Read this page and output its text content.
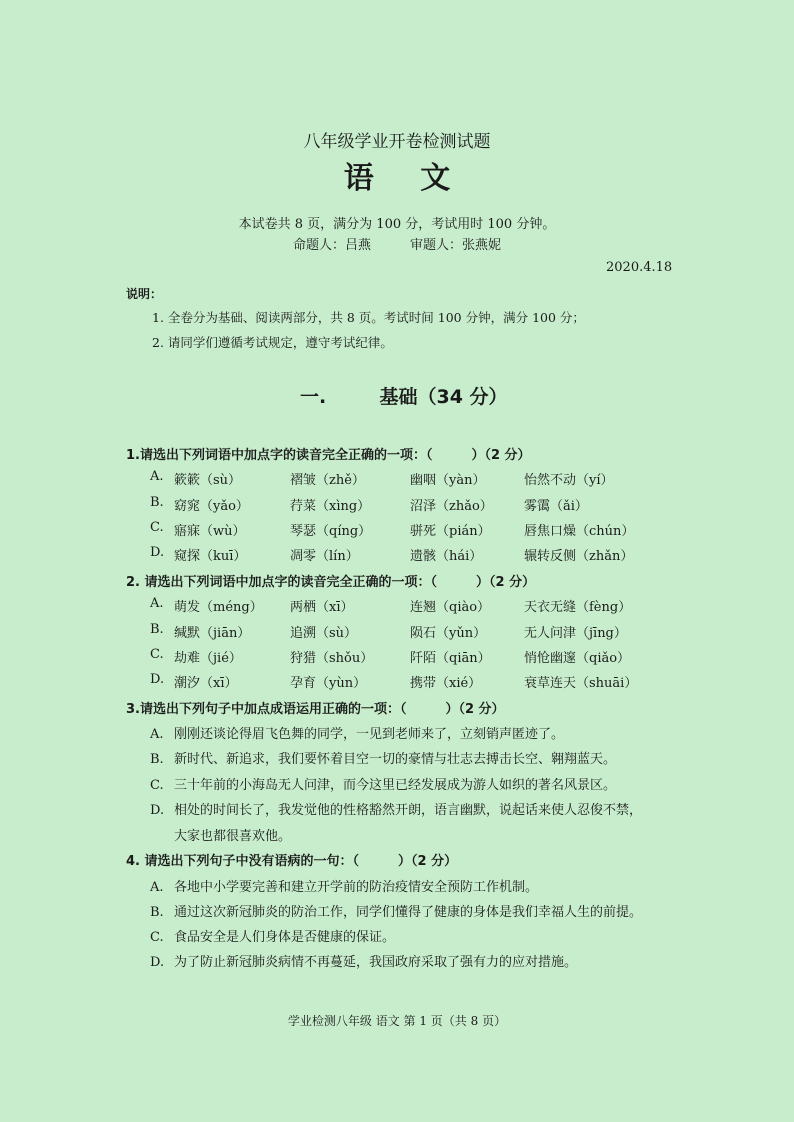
八年级学业开卷检测试题
语 文
本试卷共 8 页，满分为 100 分，考试用时 100 分钟。
命题人：吕燕　　　审题人：张燕妮
2020.4.18
说明：
1. 全卷分为基础、阅读两部分，共 8 页。考试时间 100 分钟，满分 100 分；
2. 请同学们遵循考试规定，遵守考试纪律。
一.	基础（34 分）
1.请选出下列词语中加点字的读音完全正确的一项：（　　　）（2 分）
A. 簌簌（sù）	褶皱（zhě）	幽咽（yàn）	怡然不动（yí）
B. 窈窕（yǎo）	荇菜（xìng）	沼泽（zhǎo） 雾霭（ǎi）
C. 寤寐（wù）	琴瑟（qíng）	骈死（pián）	唇焦口燥（chún）
D. 窥探（kuī）	凋零（lín）	遗骸（hái）	辗转反侧（zhǎn）
2. 请选出下列词语中加点字的读音完全正确的一项：（　　　）（2 分）
A. 萌发（méng） 两栖（xī）	连翘（qiào）	天衣无缝（fèng）
B. 缄默（jiān）	追溯（sù）	陨石（yǔn）	无人问津（jīng）
C. 劫难（jié）	狩猎（shǒu）	阡陌（qiān）	悄怆幽邃（qiǎo）
D. 潮汐（xī）	孕育（yùn）	携带（xié）	衰草连天（shuāi）
3.请选出下列句子中加点成语运用正确的一项：（　　　）（2 分）
A. 刚刚还谈论得眉飞色舞的同学，一见到老师来了，立刻销声匿迹了。
B. 新时代、新追求，我们要怀着目空一切的豪情与壮志去搏击长空、翱翔蓝天。
C. 三十年前的小海岛无人问津，而今这里已经发展成为游人如织的著名风景区。
D. 相处的时间长了，我发觉他的性格豁然开朗，语言幽默，说起话来使人忍俊不禁，
大家也都很喜欢他。
4. 请选出下列句子中没有语病的一句：（　　　）（2 分）
A. 各地中小学要完善和建立开学前的防治疫情安全预防工作机制。
B. 通过这次新冠肺炎的防治工作，同学们懂得了健康的身体是我们幸福人生的前提。
C. 食品安全是人们身体是否健康的保证。
D. 为了防止新冠肺炎病情不再蔓延，我国政府采取了强有力的应对措施。
学业检测八年级 语文 第 1 页（共 8 页）
